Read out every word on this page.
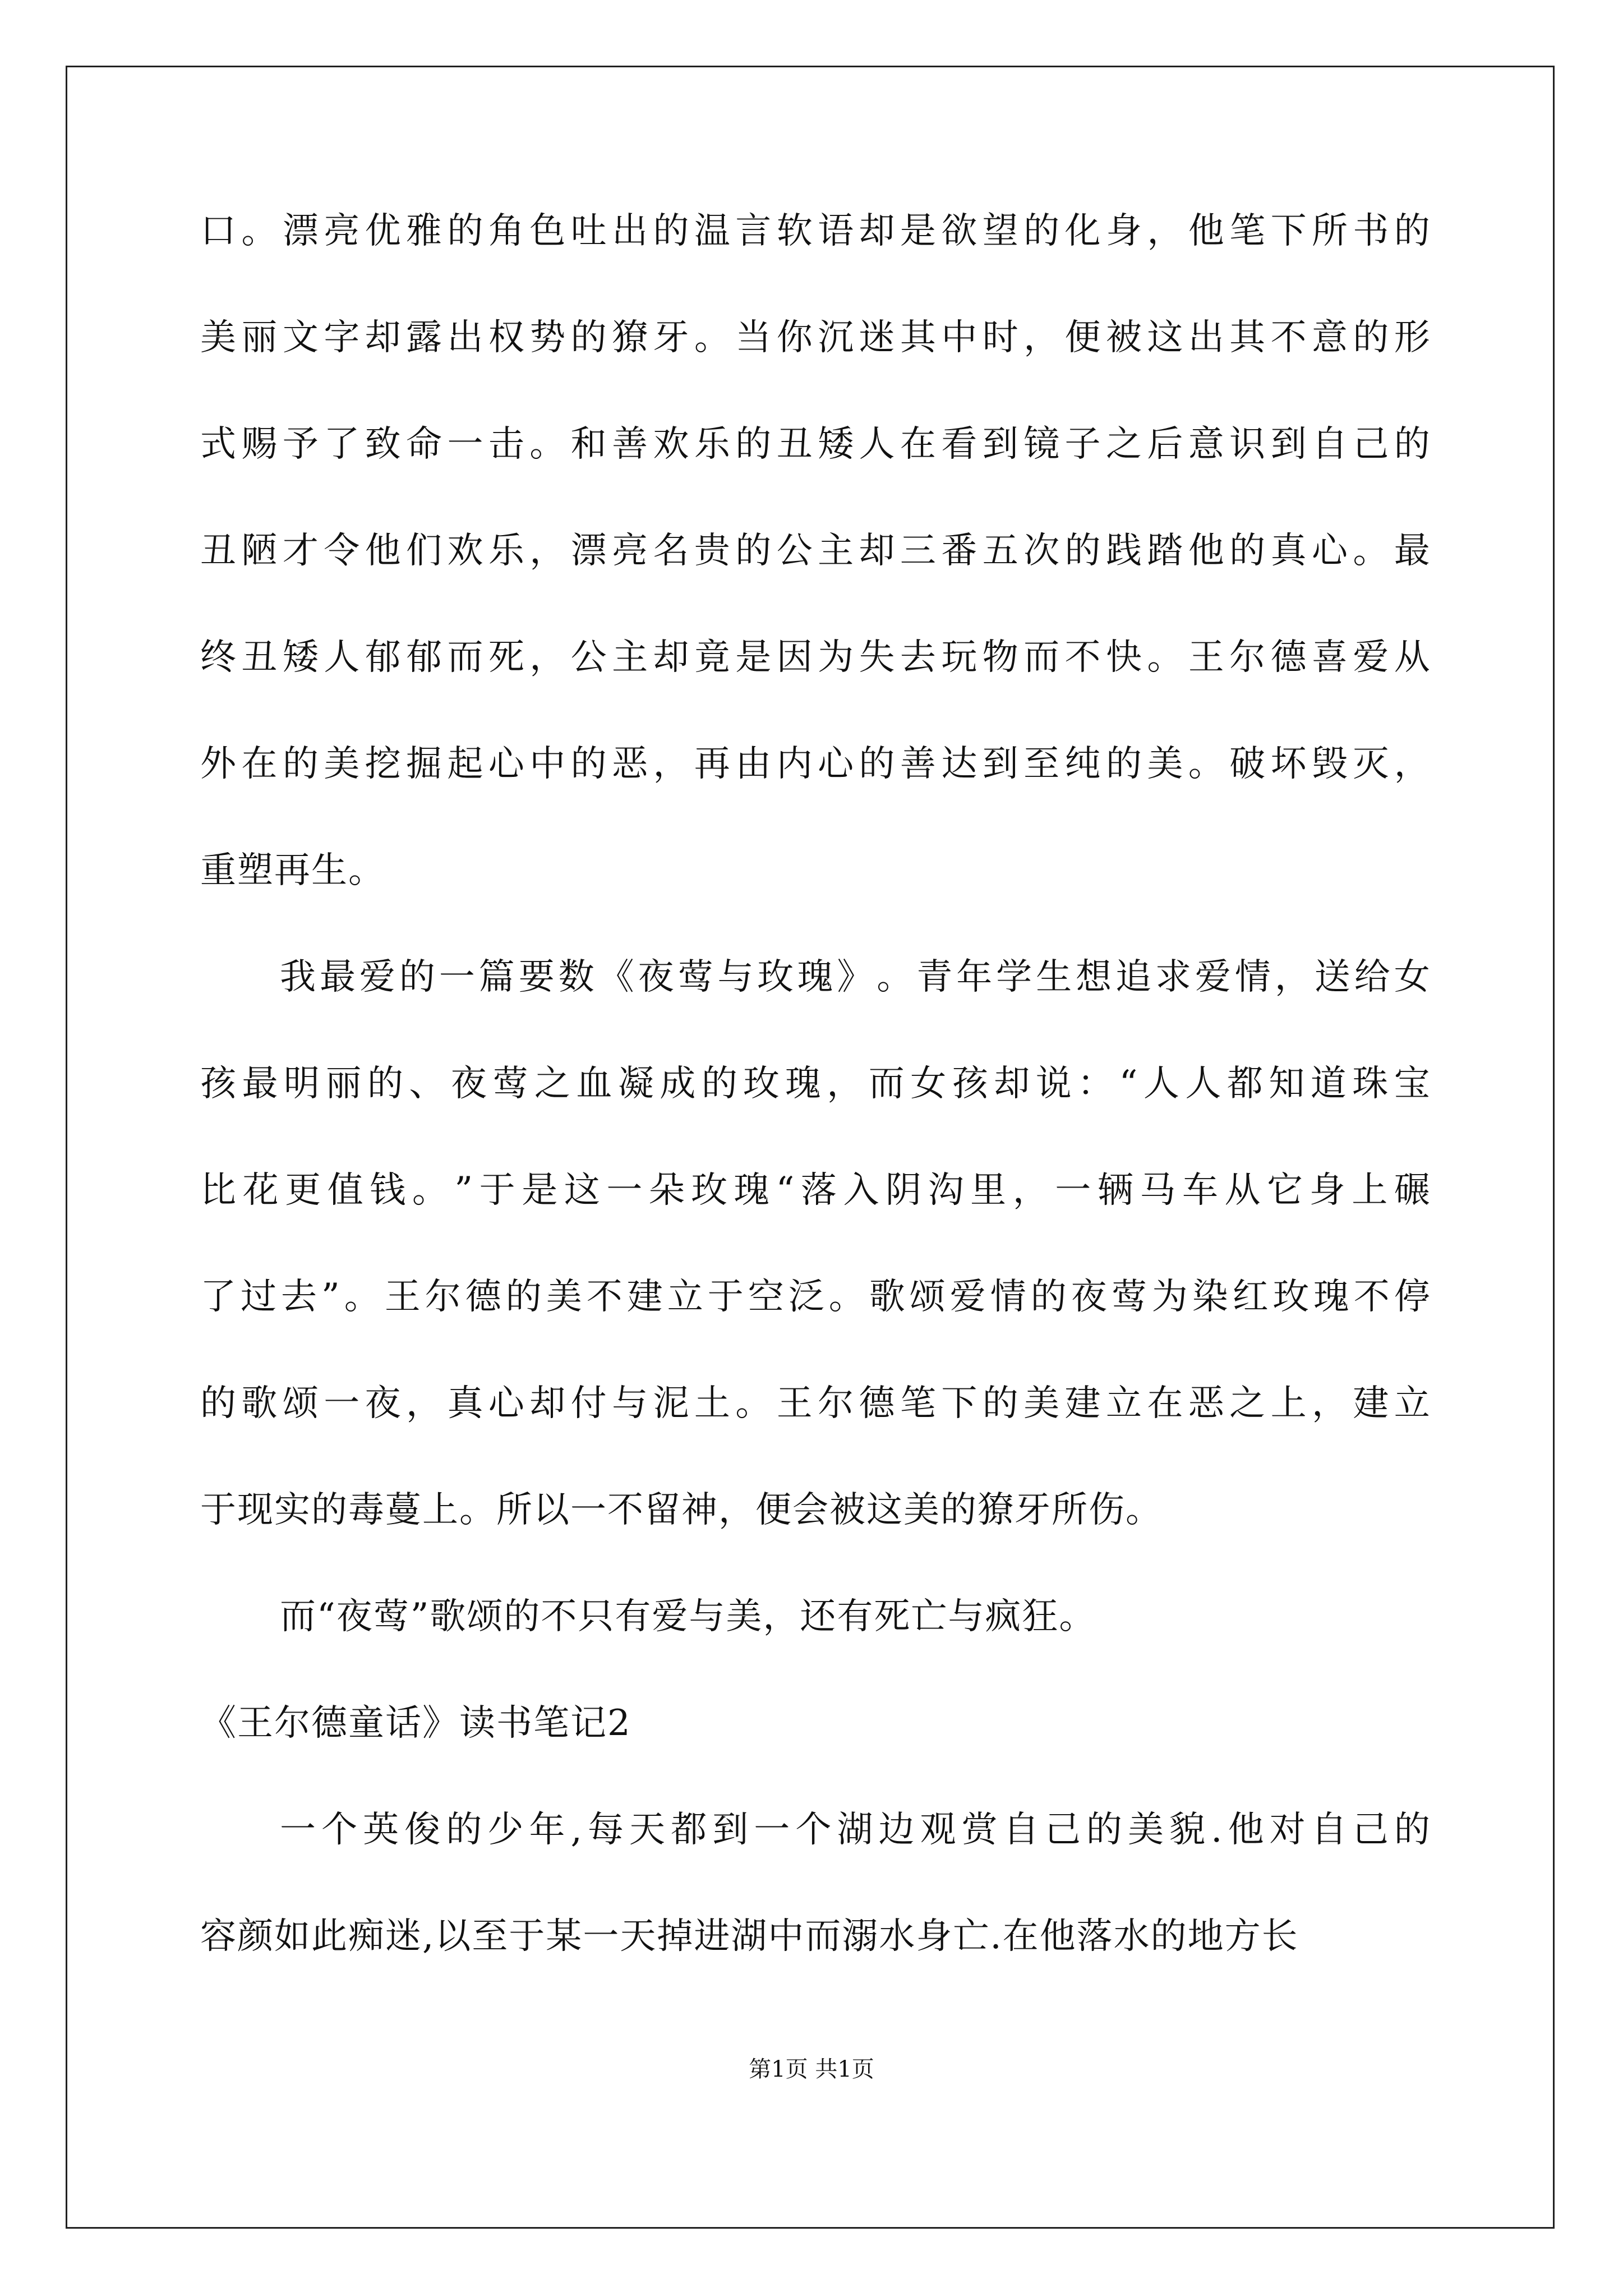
口 。 漂 亮 优 雅 的 角 色 吐 出 的 温 言 软 语 却 是 欲 望 的 化 身 ， 他 笔 下 所 书 的
美 丽 文 字 却 露 出 权 势 的 獠 牙 。 当 你 沉 迷 其 中 时 ， 便 被 这 出 其 不 意 的 形
式 赐 予 了 致 命 一 击 。 和 善 欢 乐 的 丑 矮 人 在 看 到 镜 子 之 后 意 识 到 自 己 的
丑 陋 才 令 他 们 欢 乐 ， 漂 亮 名 贵 的 公 主 却 三 番 五 次 的 践 踏 他 的 真 心 。 最
终 丑 矮 人 郁 郁 而 死 ， 公 主 却 竟 是 因 为 失 去 玩 物 而 不 快 。 王 尔 德 喜 爱 从
外 在 的 美 挖 掘 起 心 中 的 恶 ， 再 由 内 心 的 善 达 到 至 纯 的 美 。 破 坏 毁 灭 ，
重塑再生。
我 最 爱 的 一 篇 要 数 《 夜 莺 与 玫 瑰 》 。 青 年 学 生 想 追 求 爱 情 ， 送 给 女
孩 最 明 丽 的 、 夜 莺 之 血 凝 成 的 玫 瑰 ， 而 女 孩 却 说 ： “ 人 人 都 知 道 珠 宝
比 花 更 值 钱 。 ” 于 是 这 一 朵 玫 瑰 “ 落 入 阴 沟 里 ， 一 辆 马 车 从 它 身 上 碾
了 过 去 ” 。 王 尔 德 的 美 不 建 立 于 空 泛 。 歌 颂 爱 情 的 夜 莺 为 染 红 玫 瑰 不 停
的 歌 颂 一 夜 ， 真 心 却 付 与 泥 土 。 王 尔 德 笔 下 的 美 建 立 在 恶 之 上 ， 建 立
于现实的毒蔓上。所以一不留神，便会被这美的獠牙所伤。
而“夜莺”歌颂的不只有爱与美，还有死亡与疯狂。
《王尔德童话》读书笔记2
一 个 英 俊 的 少 年 , 每 天 都 到 一 个 湖 边 观 赏 自 己 的 美 貌 . 他 对 自 己 的
容颜如此痴迷,以至于某一天掉进湖中而溺水身亡.在他落水的地方长
第1页 共1页
